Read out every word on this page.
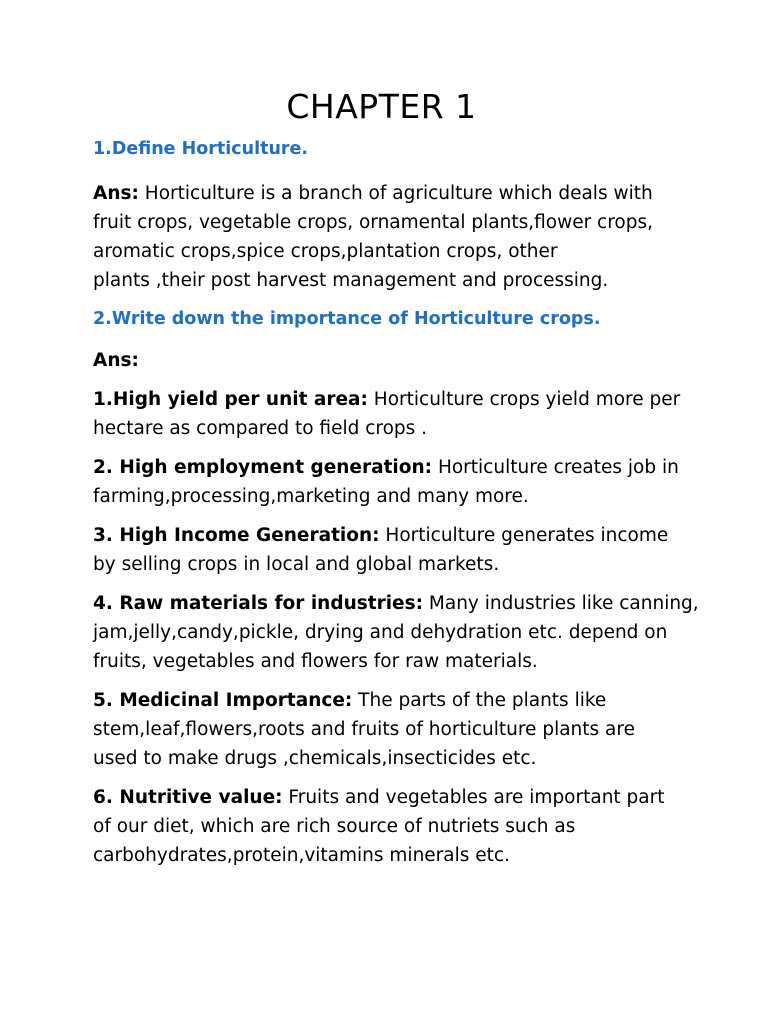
CHAPTER 1

1.Define Horticulture.

Ans: Horticulture is a branch of agriculture which deals with
fruit crops, vegetable crops, ornamental plants,flower crops,
aromatic crops,spice crops,plantation crops, other
plants ,their post harvest management and processing.

2.Write down the importance of Horticulture crops.

Ans:

1.High yield per unit area: Horticulture crops yield more per
hectare as compared to field crops .

2. High employment generation: Horticulture creates job in
farming,processing,marketing and many more.

3. High Income Generation: Horticulture generates income
by selling crops in local and global markets.

4. Raw materials for industries: Many industries like canning,
jam,jelly,candy,pickle, drying and dehydration etc. depend on
fruits, vegetables and flowers for raw materials.

5. Medicinal Importance: The parts of the plants like
stem,leaf,flowers,roots and fruits of horticulture plants are
used to make drugs ,chemicals,insecticides etc.

6. Nutritive value: Fruits and vegetables are important part
of our diet, which are rich source of nutriets such as
carbohydrates,protein,vitamins minerals etc.
